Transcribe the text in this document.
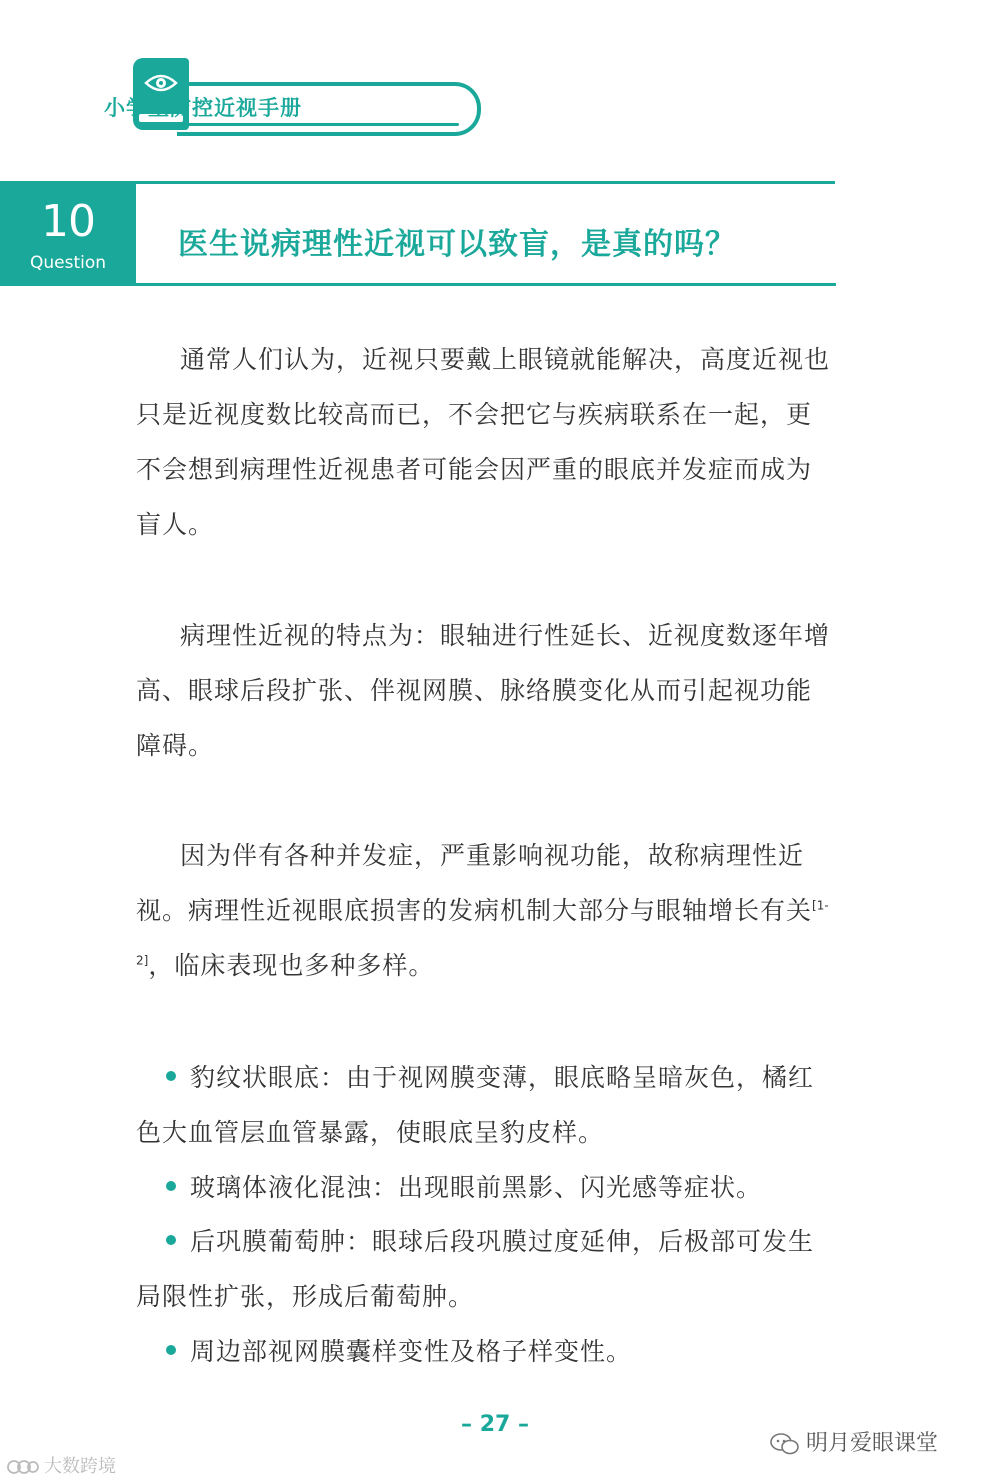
小学生防控近视手册
10
Question
医生说病理性近视可以致盲，是真的吗？

通常人们认为，近视只要戴上眼镜就能解决，高度近视也只是近视度数比较高而已，不会把它与疾病联系在一起，更不会想到病理性近视患者可能会因严重的眼底并发症而成为盲人。

病理性近视的特点为：眼轴进行性延长、近视度数逐年增高、眼球后段扩张、伴视网膜、脉络膜变化从而引起视功能障碍。

因为伴有各种并发症，严重影响视功能，故称病理性近视。病理性近视眼底损害的发病机制大部分与眼轴增长有关[1-2]，临床表现也多种多样。

豹纹状眼底：由于视网膜变薄，眼底略呈暗灰色，橘红色大血管层血管暴露，使眼底呈豹皮样。

玻璃体液化混浊：出现眼前黑影、闪光感等症状。

后巩膜葡萄肿：眼球后段巩膜过度延伸，后极部可发生局限性扩张，形成后葡萄肿。

周边部视网膜囊样变性及格子样变性。

– 27 –
明月爱眼课堂
大数跨境
